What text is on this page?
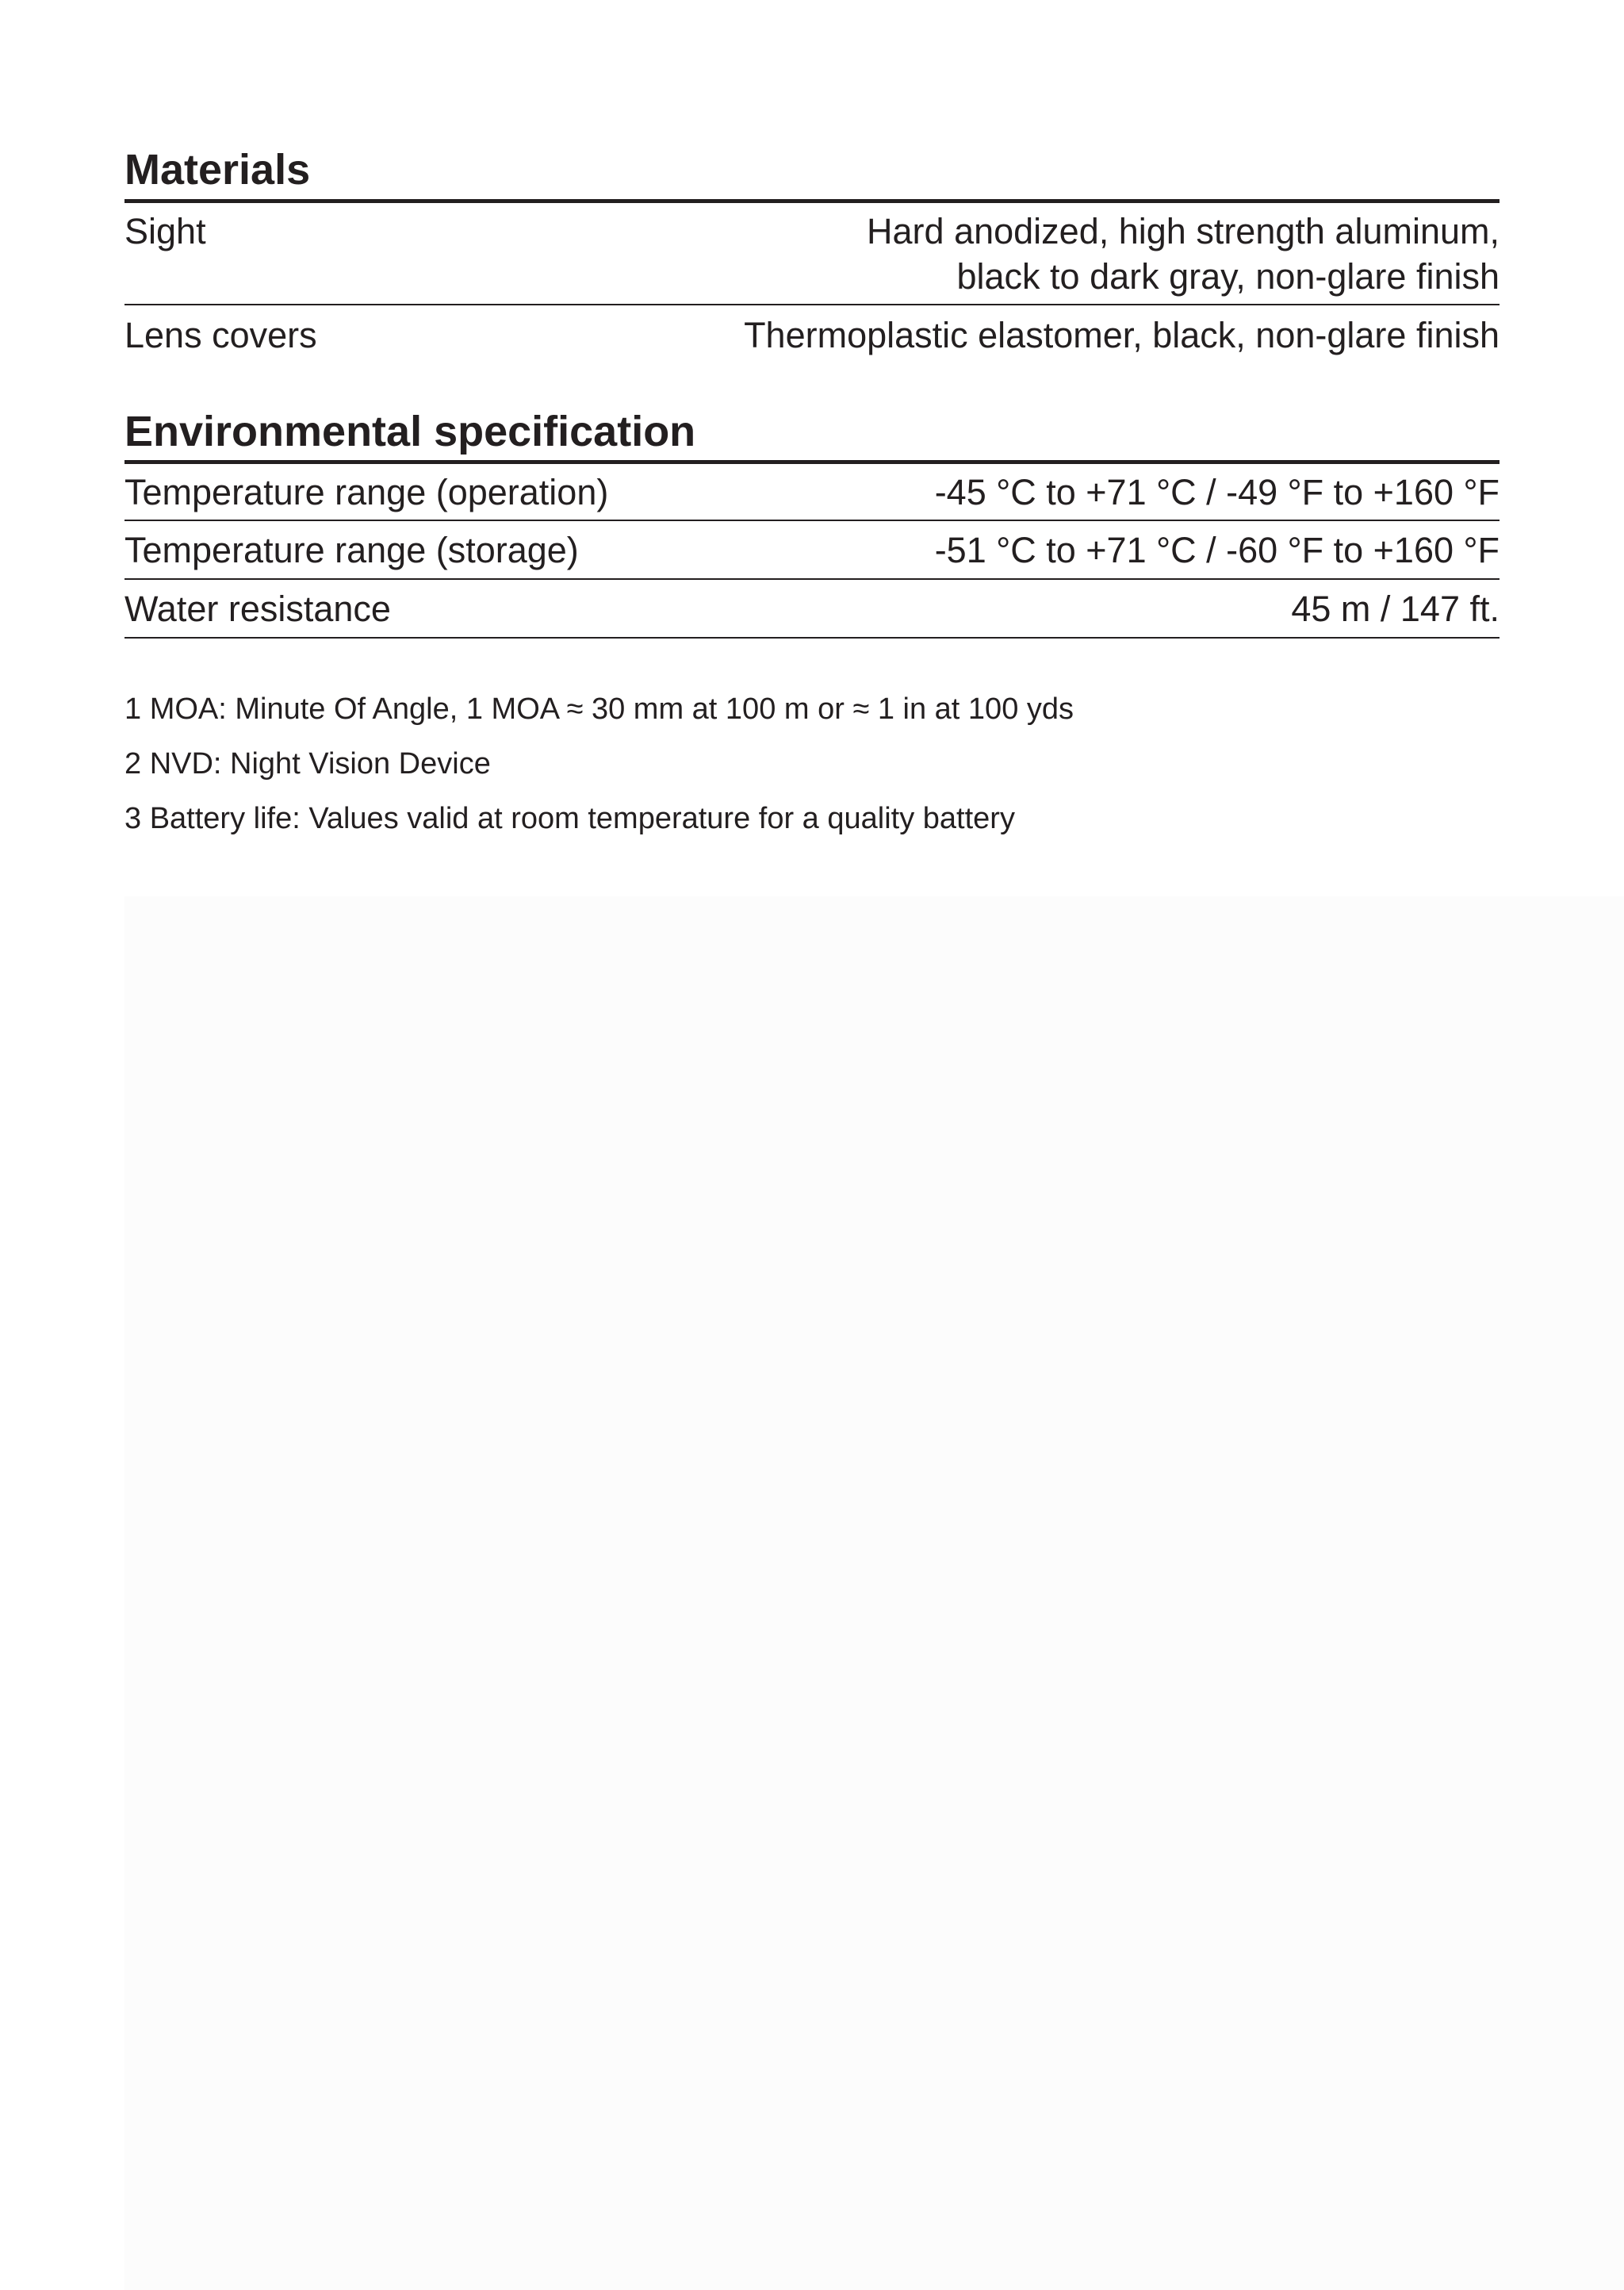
Materials
Sight	Hard anodized, high strength aluminum,
black to dark gray, non-glare finish
Lens covers	Thermoplastic elastomer, black, non-glare finish
Environmental specification
Temperature range (operation)	-45 °C to +71 °C / -49 °F to +160 °F
Temperature range (storage)	-51 °C to +71 °C / -60 °F to +160 °F
Water resistance	45 m / 147 ft.
1 MOA: Minute Of Angle, 1 MOA ≈ 30 mm at 100 m or ≈ 1 in at 100 yds
2 NVD: Night Vision Device
3 Battery life: Values valid at room temperature for a quality battery
